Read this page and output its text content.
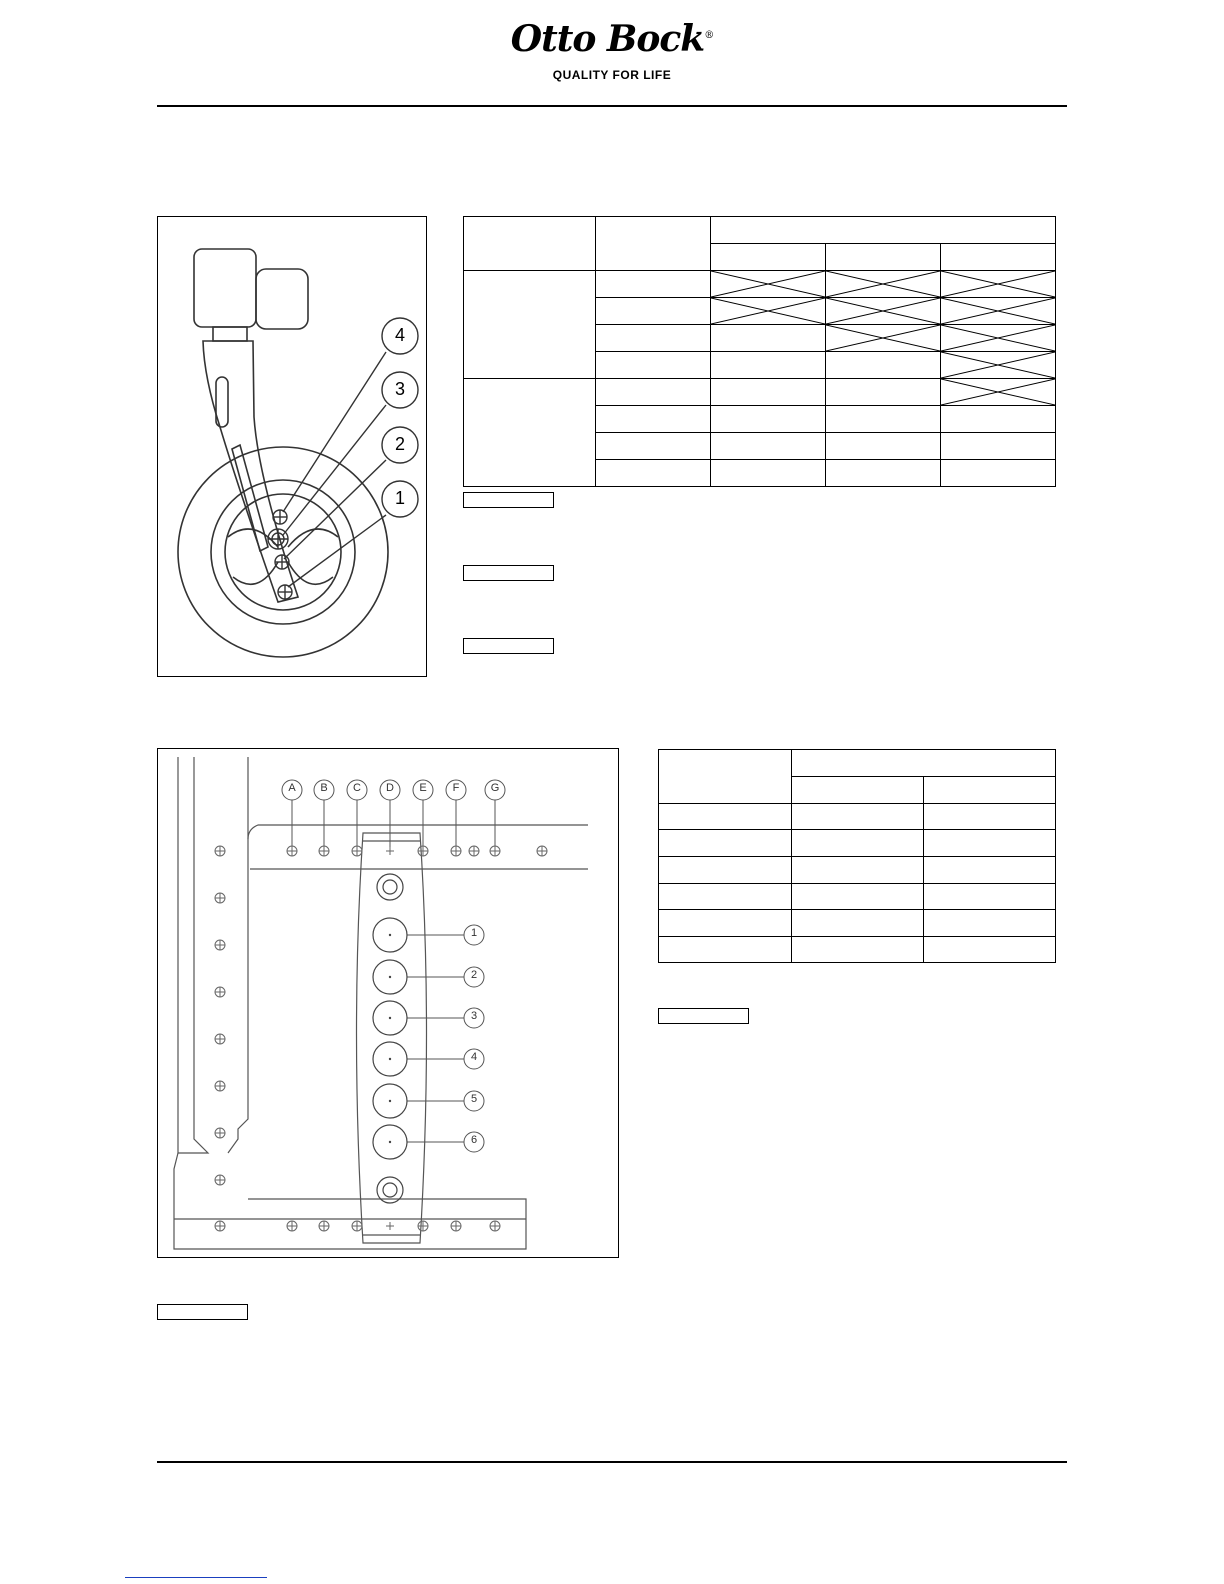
Otto Bock®
QUALITY FOR LIFE
4
3
2
1

A	B	C	D	E	F	G
1
2
3
4
5
6
